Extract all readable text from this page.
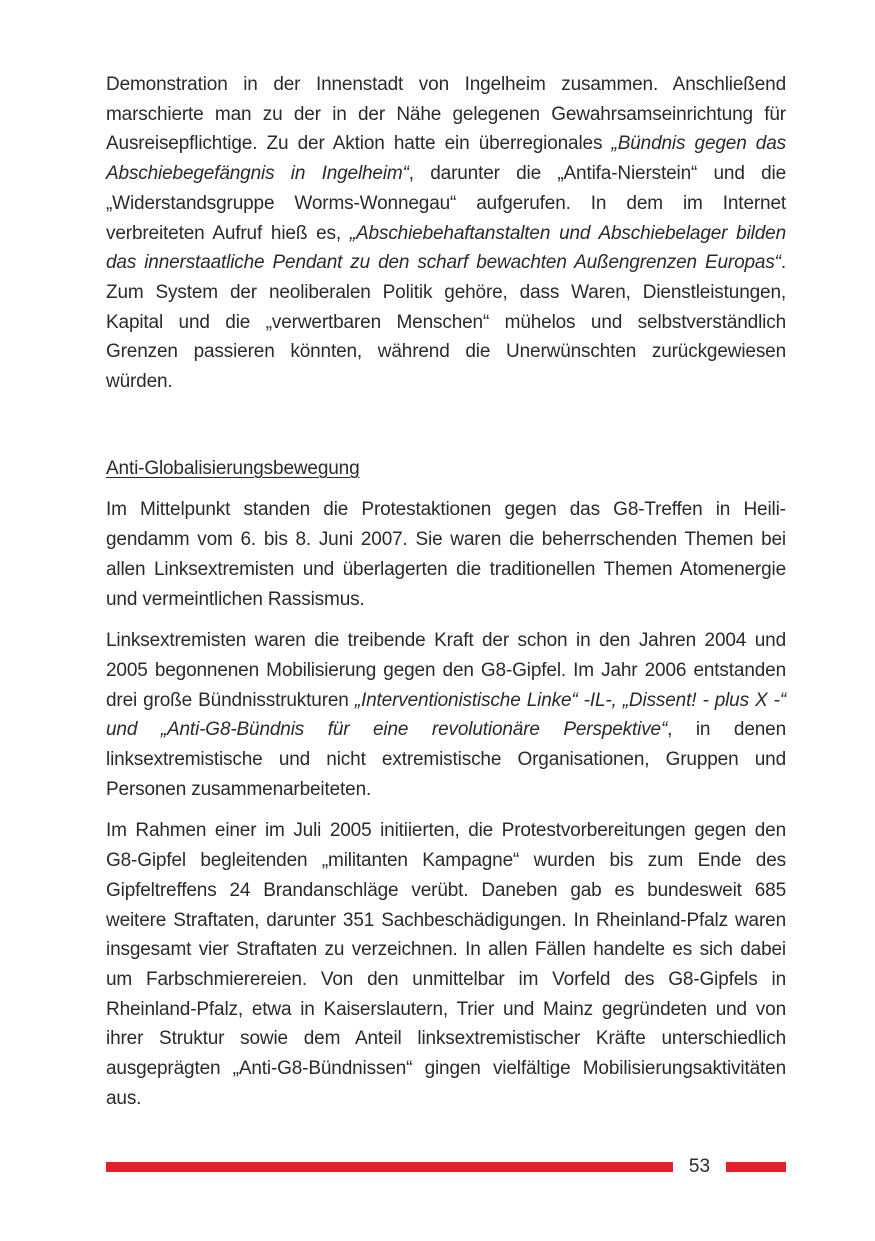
Demonstration in der Innenstadt von Ingelheim zusammen. Anschließend marschierte man zu der in der Nähe gelegenen Gewahrsamseinrichtung für Ausreisepflichtige. Zu der Aktion hatte ein überregionales „Bündnis gegen das Abschiebegefängnis in Ingelheim“, darunter die „Antifa-Nierstein“ und die „Widerstandsgruppe Worms-Wonnegau“ aufgerufen. In dem im Internet verbreiteten Aufruf hieß es, „Abschiebehaftanstalten und Abschiebelager bilden das innerstaatliche Pendant zu den scharf bewachten Außengrenzen Europas“. Zum System der neoliberalen Politik gehöre, dass Waren, Dienstleistungen, Kapital und die „verwertbaren Menschen“ mühelos und selbstverständlich Grenzen passieren könnten, während die Unerwünschten zurückgewiesen würden.

Anti-Globalisierungsbewegung

Im Mittelpunkt standen die Protestaktionen gegen das G8-Treffen in Heiligendamm vom 6. bis 8. Juni 2007. Sie waren die beherrschenden Themen bei allen Linksextremisten und überlagerten die traditionellen Themen Atomenergie und vermeintlichen Rassismus.

Linksextremisten waren die treibende Kraft der schon in den Jahren 2004 und 2005 begonnenen Mobilisierung gegen den G8-Gipfel. Im Jahr 2006 entstanden drei große Bündnisstrukturen „Interventionistische Linke“ -IL-, „Dissent! - plus X -“ und „Anti-G8-Bündnis für eine revolutionäre Perspektive“, in denen linksextremistische und nicht extremistische Organisationen, Gruppen und Personen zusammenarbeiteten.

Im Rahmen einer im Juli 2005 initiierten, die Protestvorbereitungen gegen den G8-Gipfel begleitenden „militanten Kampagne“ wurden bis zum Ende des Gipfeltreffens 24 Brandanschläge verübt. Daneben gab es bundesweit 685 weitere Straftaten, darunter 351 Sachbeschädigungen. In Rheinland-Pfalz waren insgesamt vier Straftaten zu verzeichnen. In allen Fällen handelte es sich dabei um Farbschmierereien. Von den unmittelbar im Vorfeld des G8-Gipfels in Rheinland-Pfalz, etwa in Kaiserslautern, Trier und Mainz gegründeten und von ihrer Struktur sowie dem Anteil linksextremistischer Kräfte unterschiedlich ausgeprägten „Anti-G8-Bündnissen“ gingen vielfältige Mobilisierungsaktivitäten aus.

53
